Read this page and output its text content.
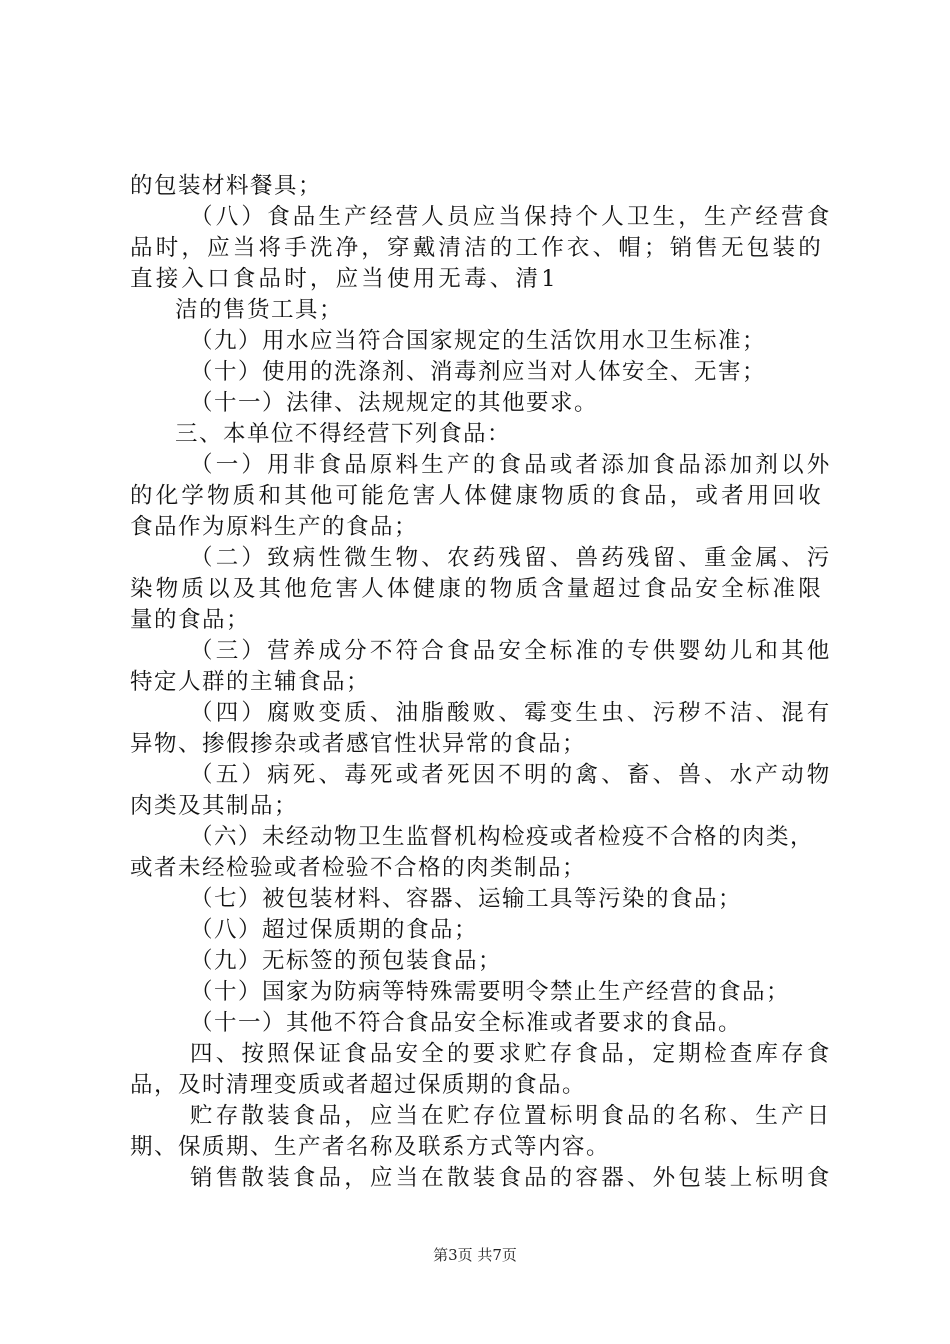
的包装材料餐具；
（八）食品生产经营人员应当保持个人卫生，生产经营食
品时，应当将手洗净，穿戴清洁的工作衣、帽；销售无包装的
直接入口食品时，应当使用无毒、清1
洁的售货工具；
（九）用水应当符合国家规定的生活饮用水卫生标准；
（十）使用的洗涤剂、消毒剂应当对人体安全、无害；
（十一）法律、法规规定的其他要求。
三、本单位不得经营下列食品：
（一）用非食品原料生产的食品或者添加食品添加剂以外
的化学物质和其他可能危害人体健康物质的食品，或者用回收
食品作为原料生产的食品；
（二）致病性微生物、农药残留、兽药残留、重金属、污
染物质以及其他危害人体健康的物质含量超过食品安全标准限
量的食品；
（三）营养成分不符合食品安全标准的专供婴幼儿和其他
特定人群的主辅食品；
（四）腐败变质、油脂酸败、霉变生虫、污秽不洁、混有
异物、掺假掺杂或者感官性状异常的食品；
（五）病死、毒死或者死因不明的禽、畜、兽、水产动物
肉类及其制品；
（六）未经动物卫生监督机构检疫或者检疫不合格的肉类，
或者未经检验或者检验不合格的肉类制品；
（七）被包装材料、容器、运输工具等污染的食品；
（八）超过保质期的食品；
（九）无标签的预包装食品；
（十）国家为防病等特殊需要明令禁止生产经营的食品；
（十一）其他不符合食品安全标准或者要求的食品。
四、按照保证食品安全的要求贮存食品，定期检查库存食
品，及时清理变质或者超过保质期的食品。
贮存散装食品，应当在贮存位置标明食品的名称、生产日
期、保质期、生产者名称及联系方式等内容。
销售散装食品，应当在散装食品的容器、外包装上标明食
第3页 共7页
